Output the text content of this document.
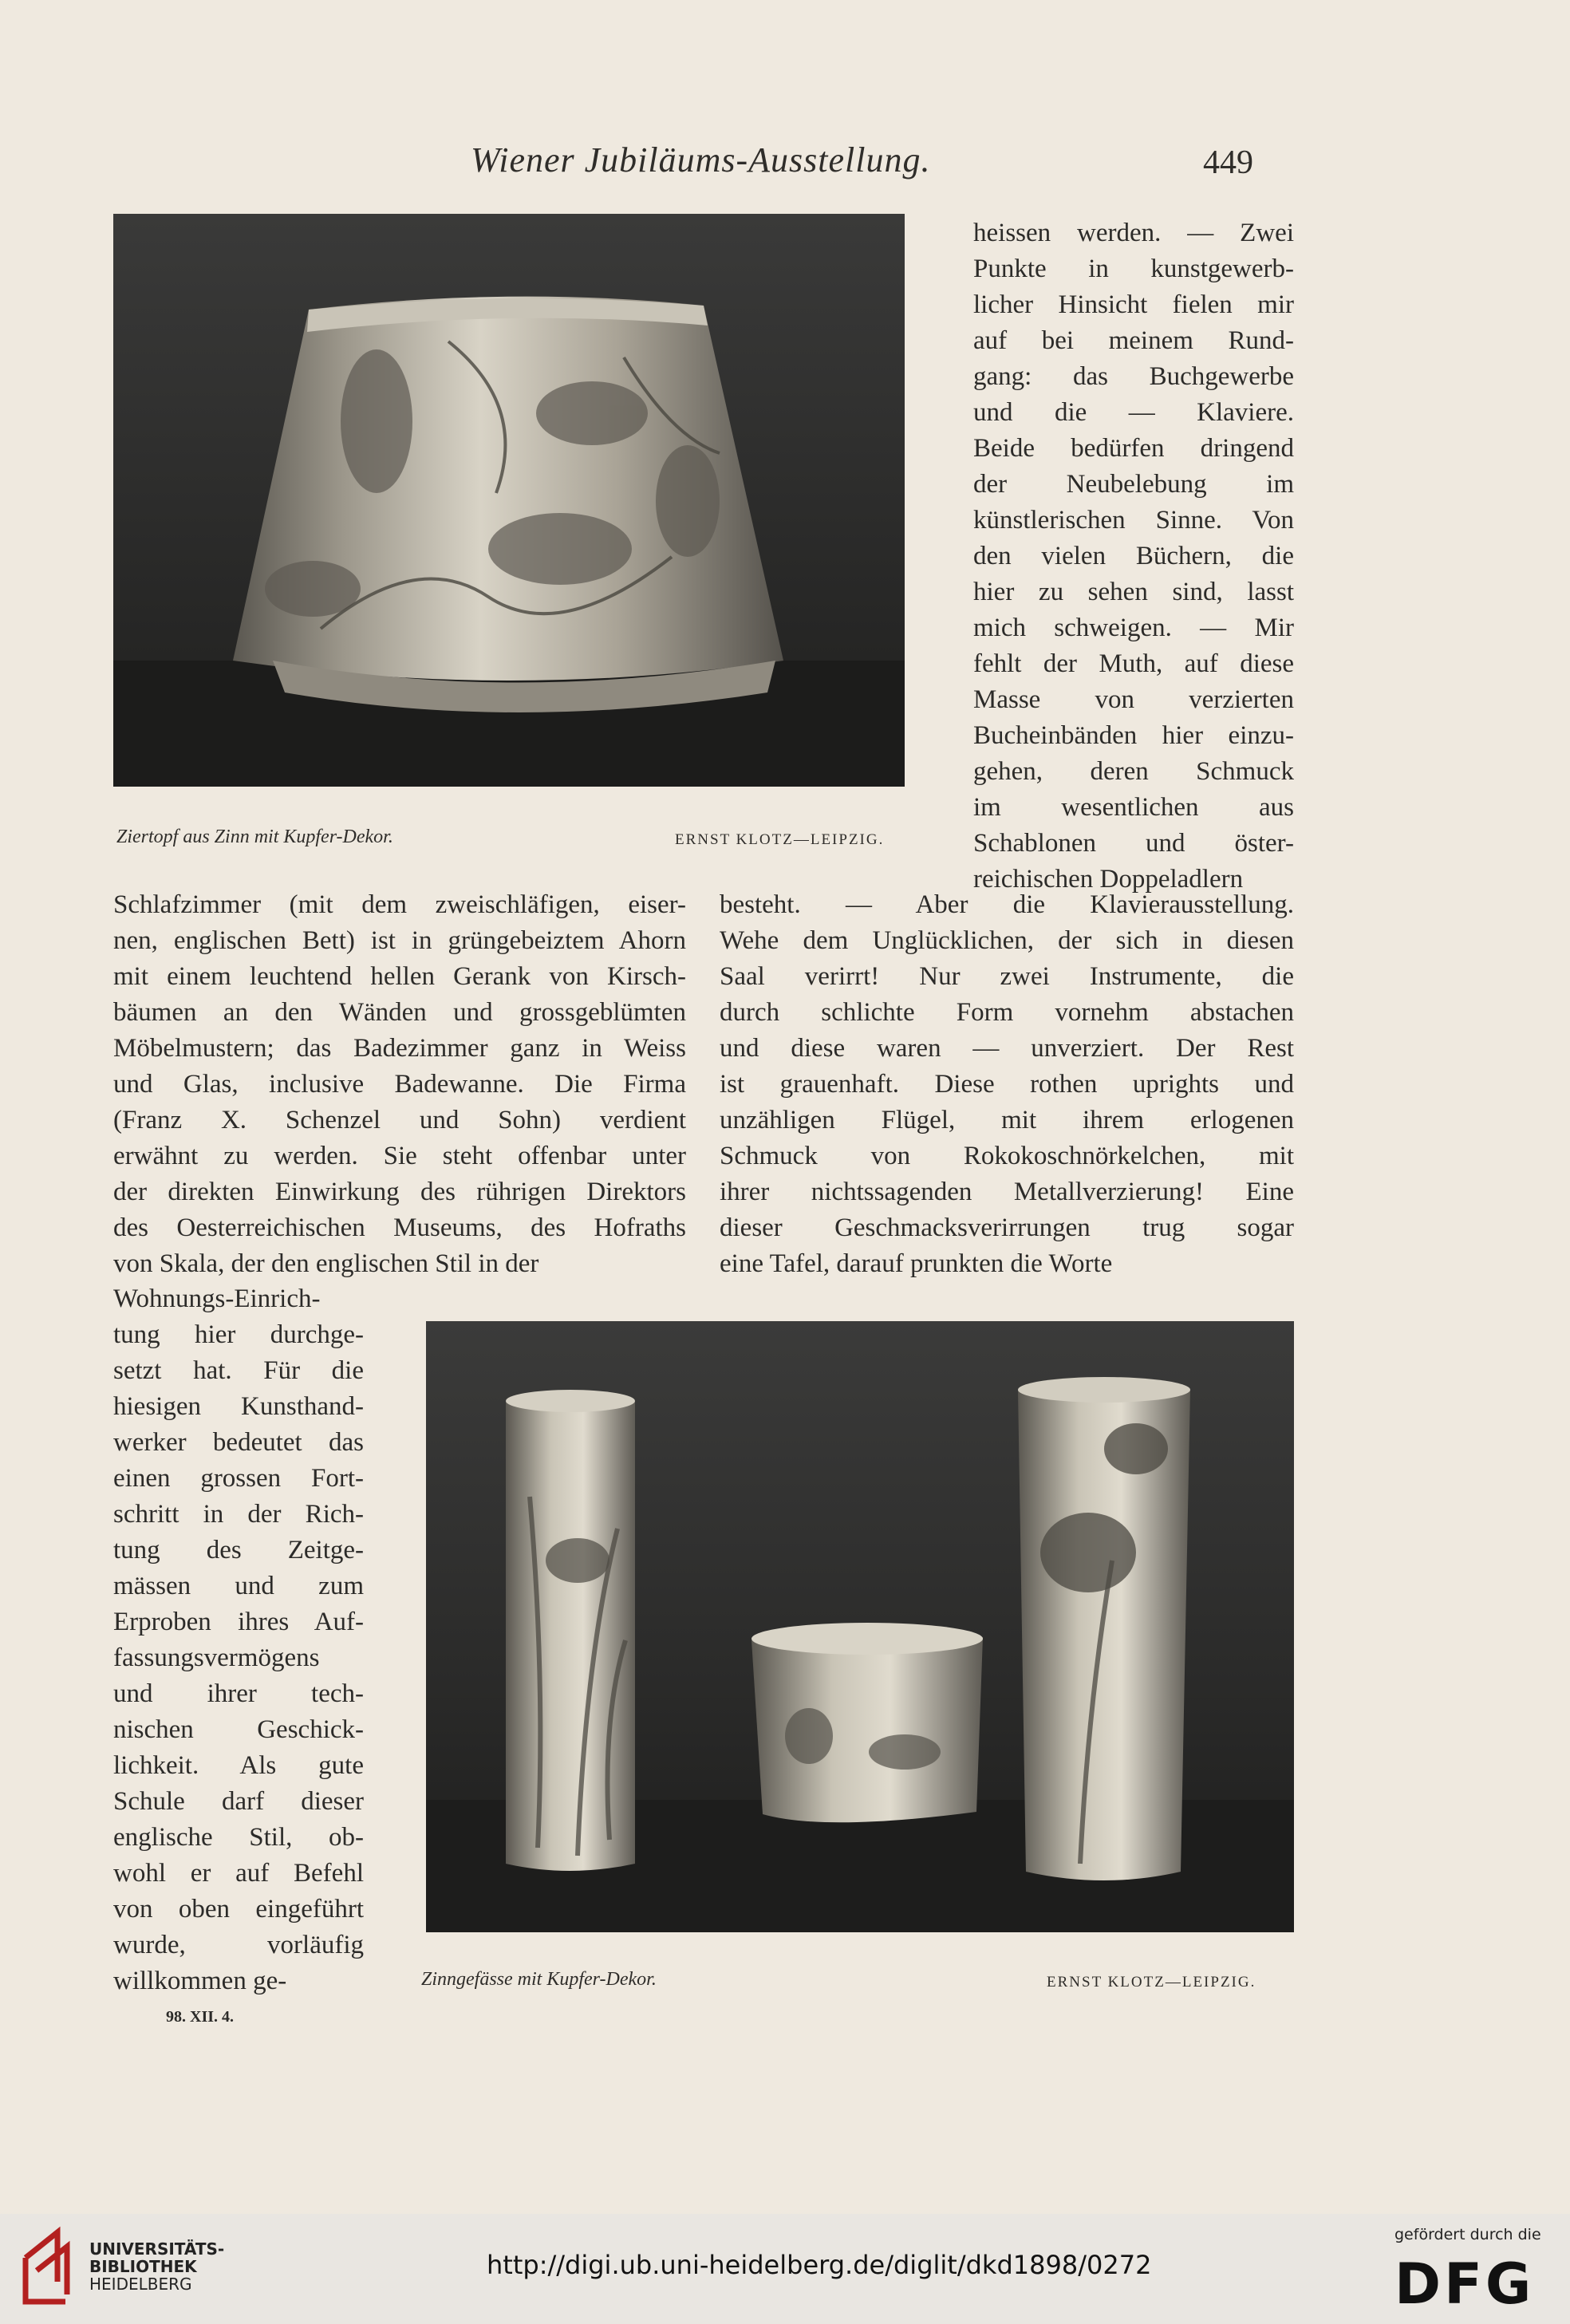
Wiener Jubiläums-Ausstellung.	449
Ziertopf aus Zinn mit Kupfer-Dekor.	ERNST KLOTZ—LEIPZIG.
heissen werden. — Zwei
Punkte in kunstgewerb-
licher Hinsicht fielen mir
auf bei meinem Rund-
gang: das Buchgewerbe
und die — Klaviere.
Beide bedürfen dringend
der Neubelebung im
künstlerischen Sinne. Von
den vielen Büchern, die
hier zu sehen sind, lasst
mich schweigen. — Mir
fehlt der Muth, auf diese
Masse von verzierten
Bucheinbänden hier einzu-
gehen, deren Schmuck
im wesentlichen aus
Schablonen und öster-
reichischen Doppeladlern
Schlafzimmer (mit dem zweischläfigen, eiser-
nen, englischen Bett) ist in grüngebeiztem Ahorn
mit einem leuchtend hellen Gerank von Kirsch-
bäumen an den Wänden und grossgeblümten
Möbelmustern; das Badezimmer ganz in Weiss
und Glas, inclusive Badewanne. Die Firma
(Franz X. Schenzel und Sohn) verdient
erwähnt zu werden. Sie steht offenbar unter
der direkten Einwirkung des rührigen Direktors
des Oesterreichischen Museums, des Hofraths
von Skala, der den englischen Stil in der
besteht. — Aber die Klavierausstellung.
Wehe dem Unglücklichen, der sich in diesen
Saal verirrt! Nur zwei Instrumente, die
durch schlichte Form vornehm abstachen
und diese waren — unverziert. Der Rest
ist grauenhaft. Diese rothen uprights und
unzähligen Flügel, mit ihrem erlogenen
Schmuck von Rokokoschnörkelchen, mit
ihrer nichtssagenden Metallverzierung! Eine
dieser Geschmacksverirrungen trug sogar
eine Tafel, darauf prunkten die Worte
Wohnungs-Einrich-
tung hier durchge-
setzt hat. Für die
hiesigen Kunsthand-
werker bedeutet das
einen grossen Fort-
schritt in der Rich-
tung des Zeitge-
mässen und zum
Erproben ihres Auf-
fassungsvermögens
und ihrer tech-
nischen Geschick-
lichkeit. Als gute
Schule darf dieser
englische Stil, ob-
wohl er auf Befehl
von oben eingeführt
wurde, vorläufig
willkommen ge-	Zinngefässe mit Kupfer-Dekor.	ERNST KLOTZ—LEIPZIG.
98. XII. 4.
UNIVERSITÄTS-
BIBLIOTHEK
HEIDELBERG
http://digi.ub.uni-heidelberg.de/diglit/dkd1898/0272
gefördert durch die
DFG
